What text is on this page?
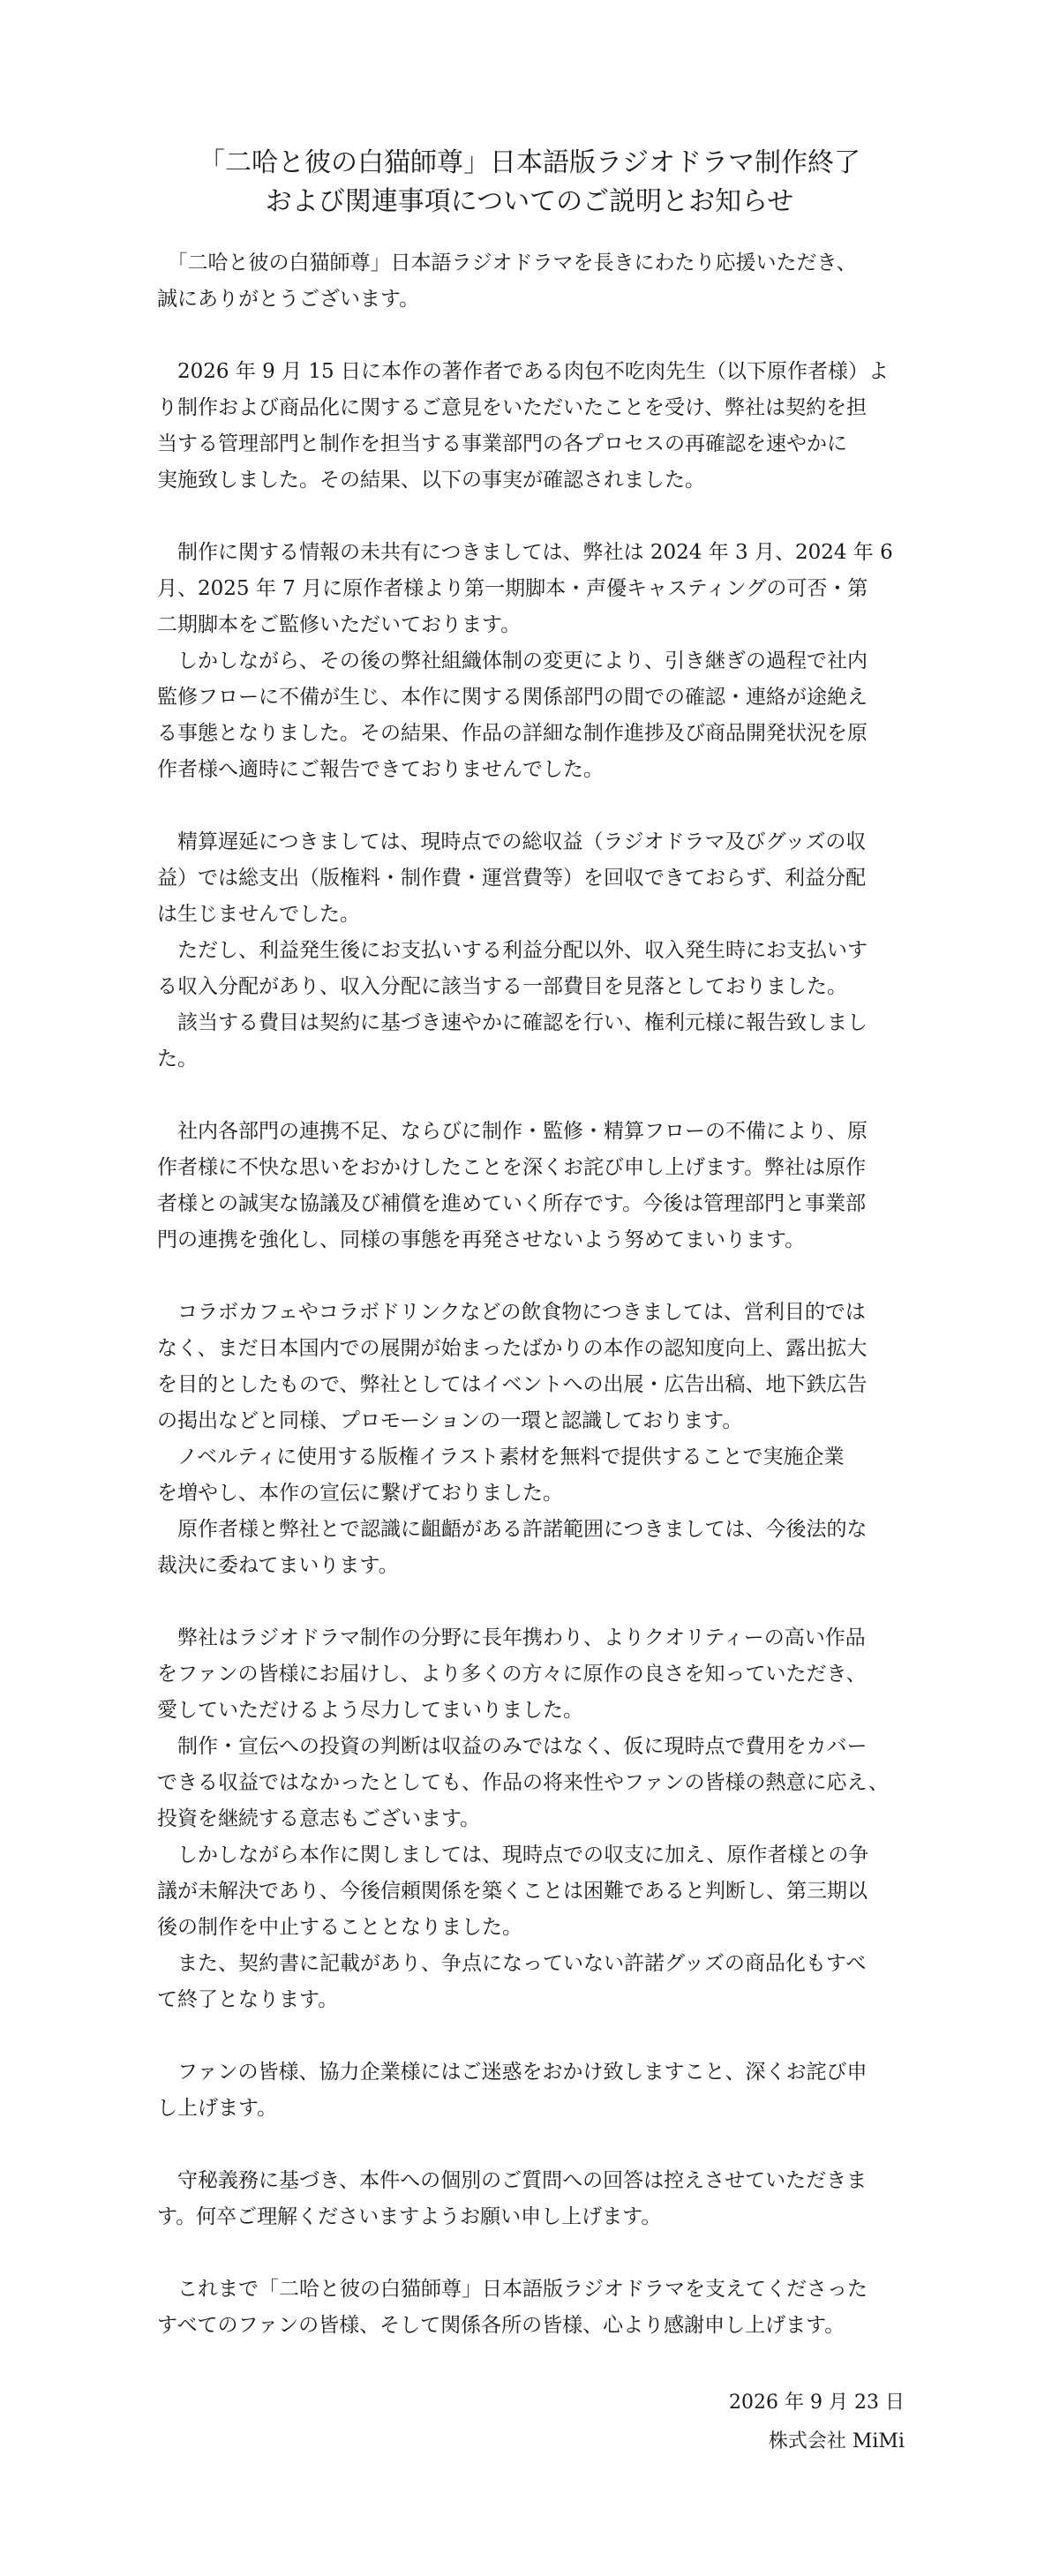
「二哈と彼の白猫師尊」日本語版ラジオドラマ制作終了
および関連事項についてのご説明とお知らせ
　「二哈と彼の白猫師尊」日本語ラジオドラマを長きにわたり応援いただき、
誠にありがとうございます。
　2026 年 9 月 15 日に本作の著作者である肉包不吃肉先生（以下原作者様）よ
り制作および商品化に関するご意見をいただいたことを受け、弊社は契約を担
当する管理部門と制作を担当する事業部門の各プロセスの再確認を速やかに
実施致しました。その結果、以下の事実が確認されました。
　制作に関する情報の未共有につきましては、弊社は 2024 年 3 月、2024 年 6
月、2025 年 7 月に原作者様より第一期脚本・声優キャスティングの可否・第
二期脚本をご監修いただいております。
　しかしながら、その後の弊社組織体制の変更により、引き継ぎの過程で社内
監修フローに不備が生じ、本作に関する関係部門の間での確認・連絡が途絶え
る事態となりました。その結果、作品の詳細な制作進捗及び商品開発状況を原
作者様へ適時にご報告できておりませんでした。
　精算遅延につきましては、現時点での総収益（ラジオドラマ及びグッズの収
益）では総支出（版権料・制作費・運営費等）を回収できておらず、利益分配
は生じませんでした。
　ただし、利益発生後にお支払いする利益分配以外、収入発生時にお支払いす
る収入分配があり、収入分配に該当する一部費目を見落としておりました。
　該当する費目は契約に基づき速やかに確認を行い、権利元様に報告致しまし
た。
　社内各部門の連携不足、ならびに制作・監修・精算フローの不備により、原
作者様に不快な思いをおかけしたことを深くお詫び申し上げます。弊社は原作
者様との誠実な協議及び補償を進めていく所存です。今後は管理部門と事業部
門の連携を強化し、同様の事態を再発させないよう努めてまいります。
　コラボカフェやコラボドリンクなどの飲食物につきましては、営利目的では
なく、まだ日本国内での展開が始まったばかりの本作の認知度向上、露出拡大
を目的としたもので、弊社としてはイベントへの出展・広告出稿、地下鉄広告
の掲出などと同様、プロモーションの一環と認識しております。
　ノベルティに使用する版権イラスト素材を無料で提供することで実施企業
を増やし、本作の宣伝に繋げておりました。
　原作者様と弊社とで認識に齟齬がある許諾範囲につきましては、今後法的な
裁決に委ねてまいります。
　弊社はラジオドラマ制作の分野に長年携わり、よりクオリティーの高い作品
をファンの皆様にお届けし、より多くの方々に原作の良さを知っていただき、
愛していただけるよう尽力してまいりました。
　制作・宣伝への投資の判断は収益のみではなく、仮に現時点で費用をカバー
できる収益ではなかったとしても、作品の将来性やファンの皆様の熱意に応え、
投資を継続する意志もございます。
　しかしながら本作に関しましては、現時点での収支に加え、原作者様との争
議が未解決であり、今後信頼関係を築くことは困難であると判断し、第三期以
後の制作を中止することとなりました。
　また、契約書に記載があり、争点になっていない許諾グッズの商品化もすべ
て終了となります。
　ファンの皆様、協力企業様にはご迷惑をおかけ致しますこと、深くお詫び申
し上げます。
　守秘義務に基づき、本件への個別のご質問への回答は控えさせていただきま
す。何卒ご理解くださいますようお願い申し上げます。
　これまで「二哈と彼の白猫師尊」日本語版ラジオドラマを支えてくださった
すべてのファンの皆様、そして関係各所の皆様、心より感謝申し上げます。
2026 年 9 月 23 日
株式会社 MiMi
